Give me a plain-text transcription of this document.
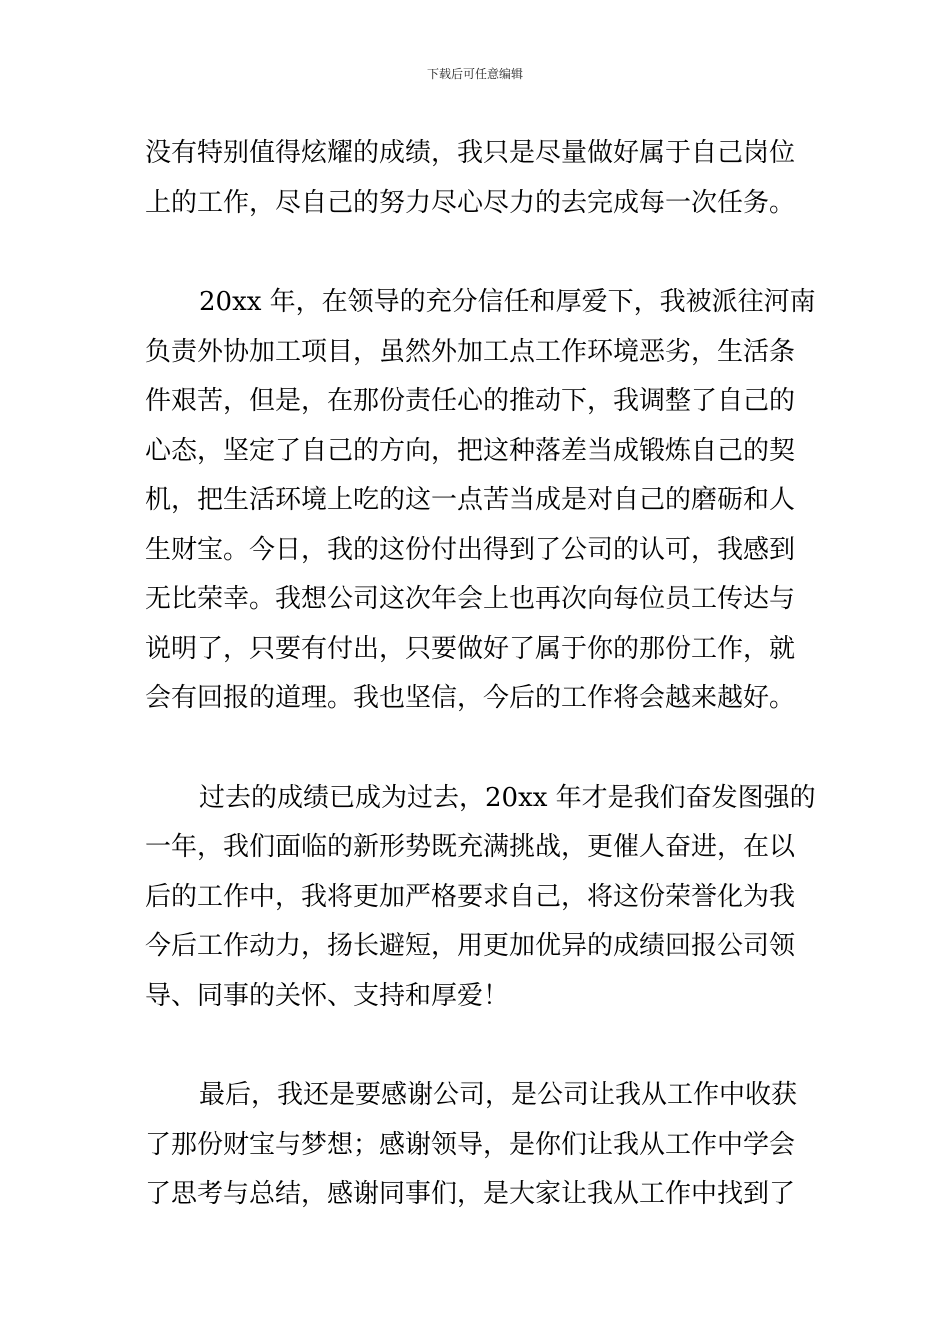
下载后可任意编辑

没有特别值得炫耀的成绩，我只是尽量做好属于自己岗位
上的工作，尽自己的努力尽心尽力的去完成每一次任务。

20xx 年，在领导的充分信任和厚爱下，我被派往河南
负责外协加工项目，虽然外加工点工作环境恶劣，生活条
件艰苦，但是，在那份责任心的推动下，我调整了自己的
心态，坚定了自己的方向，把这种落差当成锻炼自己的契
机，把生活环境上吃的这一点苦当成是对自己的磨砺和人
生财宝。今日，我的这份付出得到了公司的认可，我感到
无比荣幸。我想公司这次年会上也再次向每位员工传达与
说明了，只要有付出，只要做好了属于你的那份工作，就
会有回报的道理。我也坚信，今后的工作将会越来越好。

过去的成绩已成为过去，20xx 年才是我们奋发图强的
一年，我们面临的新形势既充满挑战，更催人奋进，在以
后的工作中，我将更加严格要求自己，将这份荣誉化为我
今后工作动力，扬长避短，用更加优异的成绩回报公司领
导、同事的关怀、支持和厚爱！

最后，我还是要感谢公司，是公司让我从工作中收获
了那份财宝与梦想；感谢领导，是你们让我从工作中学会
了思考与总结，感谢同事们，是大家让我从工作中找到了
